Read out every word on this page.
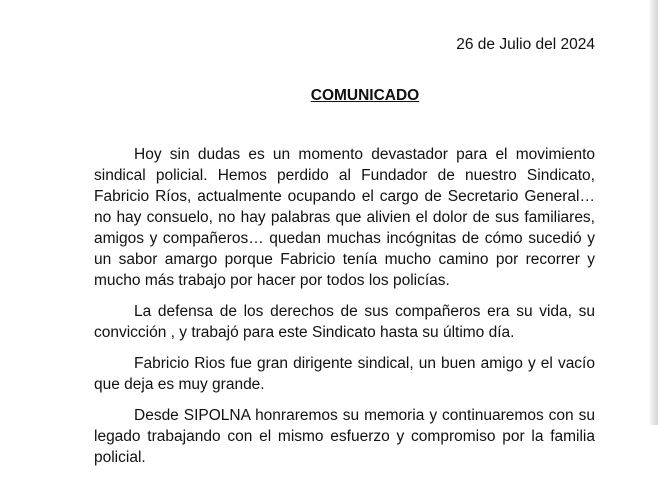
26 de Julio del 2024
COMUNICADO

Hoy sin dudas es un momento devastador para el movimiento sindical policial. Hemos perdido al Fundador de nuestro Sindicato, Fabricio Ríos, actualmente ocupando el cargo de Secretario General… no hay consuelo, no hay palabras que alivien el dolor de sus familiares, amigos y compañeros… quedan muchas incógnitas de cómo sucedió y un sabor amargo porque Fabricio tenía mucho camino por recorrer y mucho más trabajo por hacer por todos los policías.

La defensa de los derechos de sus compañeros era su vida, su convicción , y trabajó para este Sindicato hasta su último día.

Fabricio Rios fue gran dirigente sindical, un buen amigo y el vacío que deja es muy grande.

Desde SIPOLNA honraremos su memoria y continuaremos con su legado trabajando con el mismo esfuerzo y compromiso por la familia policial.
